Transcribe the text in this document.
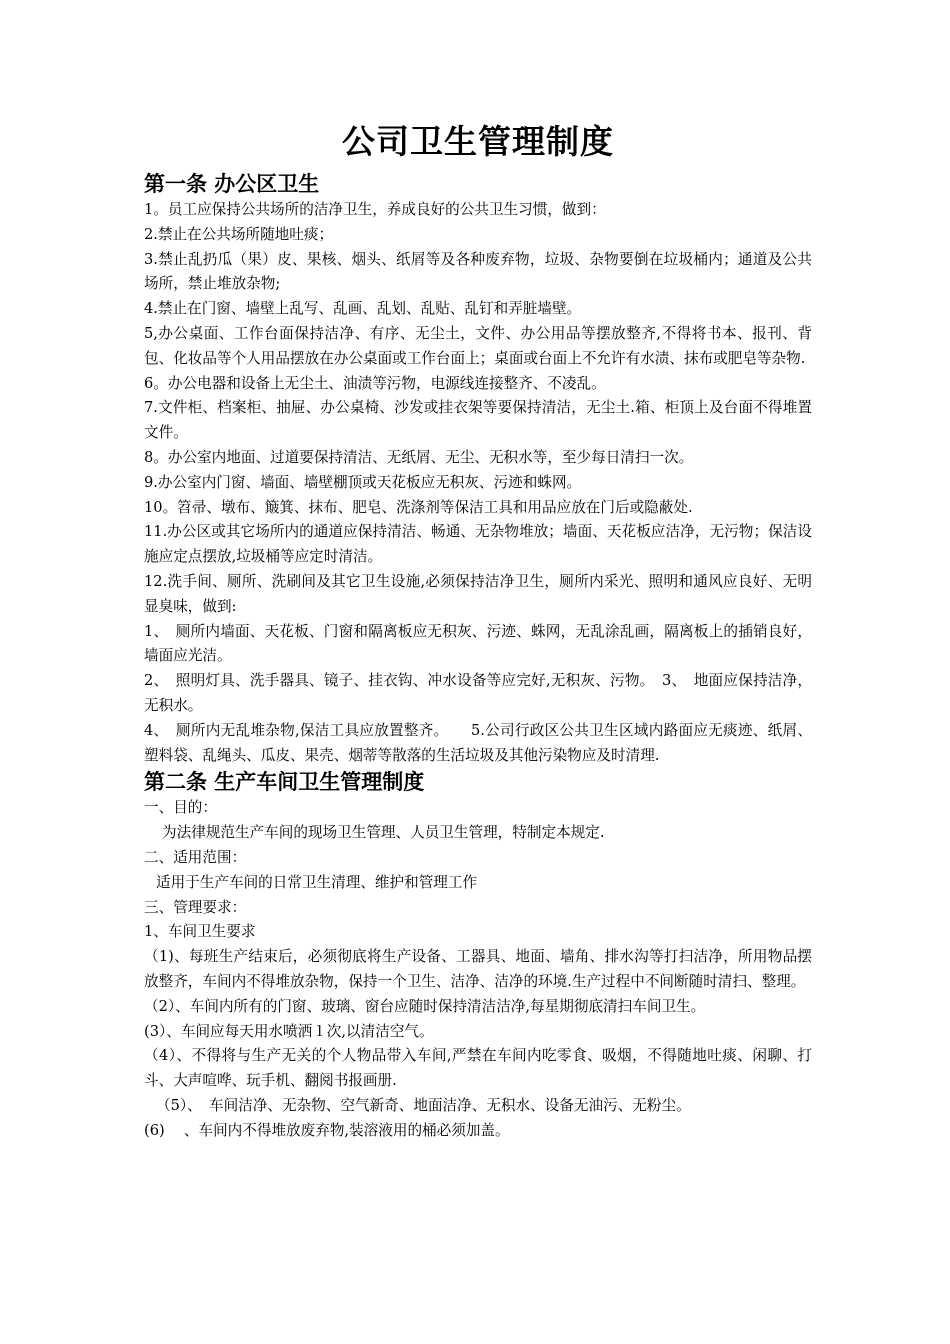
公司卫生管理制度
第一条 办公区卫生

1。员工应保持公共场所的洁净卫生，养成良好的公共卫生习惯，做到：

2.禁止在公共场所随地吐痰；

3.禁止乱扔瓜（果）皮、果核、烟头、纸屑等及各种废弃物，垃圾、杂物要倒在垃圾桶内；通道及公共场所，禁止堆放杂物;

4.禁止在门窗、墙壁上乱写、乱画、乱划、乱贴、乱钉和弄脏墙壁。

5,办公桌面、工作台面保持洁净、有序、无尘土，文件、办公用品等摆放整齐,不得将书本、报刊、背包、化妆品等个人用品摆放在办公桌面或工作台面上；桌面或台面上不允许有水渍、抹布或肥皂等杂物.

6。办公电器和设备上无尘土、油渍等污物，电源线连接整齐、不凌乱。

7.文件柜、档案柜、抽屉、办公桌椅、沙发或挂衣架等要保持清洁，无尘土.箱、柜顶上及台面不得堆置文件。

8。办公室内地面、过道要保持清洁、无纸屑、无尘、无积水等，至少每日清扫一次。

9.办公室内门窗、墙面、墙壁棚顶或天花板应无积灰、污迹和蛛网。

10。笤帚、墩布、簸箕、抹布、肥皂、洗涤剂等保洁工具和用品应放在门后或隐蔽处.

11.办公区或其它场所内的通道应保持清洁、畅通、无杂物堆放；墙面、天花板应洁净，无污物；保洁设施应定点摆放,垃圾桶等应定时清洁。

12.洗手间、厕所、洗刷间及其它卫生设施,必须保持洁净卫生，厕所内采光、照明和通风应良好、无明显臭味，做到:

1、　厕所内墙面、天花板、门窗和隔离板应无积灰、污迹、蛛网，无乱涂乱画，隔离板上的插销良好，墙面应光洁。

2、　照明灯具、洗手器具、镜子、挂衣钩、冲水设备等应完好,无积灰、污物。　3、　地面应保持洁净，无积水。

4、　厕所内无乱堆杂物,保洁工具应放置整齐。　　5.公司行政区公共卫生区域内路面应无痰迹、纸屑、塑料袋、乱绳头、瓜皮、果壳、烟蒂等散落的生活垃圾及其他污染物应及时清理.

第二条 生产车间卫生管理制度

一、目的：

为法律规范生产车间的现场卫生管理、人员卫生管理，特制定本规定.

二、适用范围：

适用于生产车间的日常卫生清理、维护和管理工作

三、管理要求：

1、车间卫生要求

（1)、每班生产结束后，必须彻底将生产设备、工器具、地面、墙角、排水沟等打扫洁净，所用物品摆放整齐，车间内不得堆放杂物，保持一个卫生、洁净、洁净的环境.生产过程中不间断随时清扫、整理。

（2）、车间内所有的门窗、玻璃、窗台应随时保持清洁洁净,每星期彻底清扫车间卫生。

(3）、车间应每天用水喷洒１次,以清洁空气。

（4）、不得将与生产无关的个人物品带入车间,严禁在车间内吃零食、吸烟，不得随地吐痰、闲聊、打斗、大声喧哗、玩手机、翻阅书报画册.

（5）、　车间洁净、无杂物、空气新奇、地面洁净、无积水、设备无油污、无粉尘。

(6)　 、车间内不得堆放废弃物,装溶液用的桶必须加盖。
